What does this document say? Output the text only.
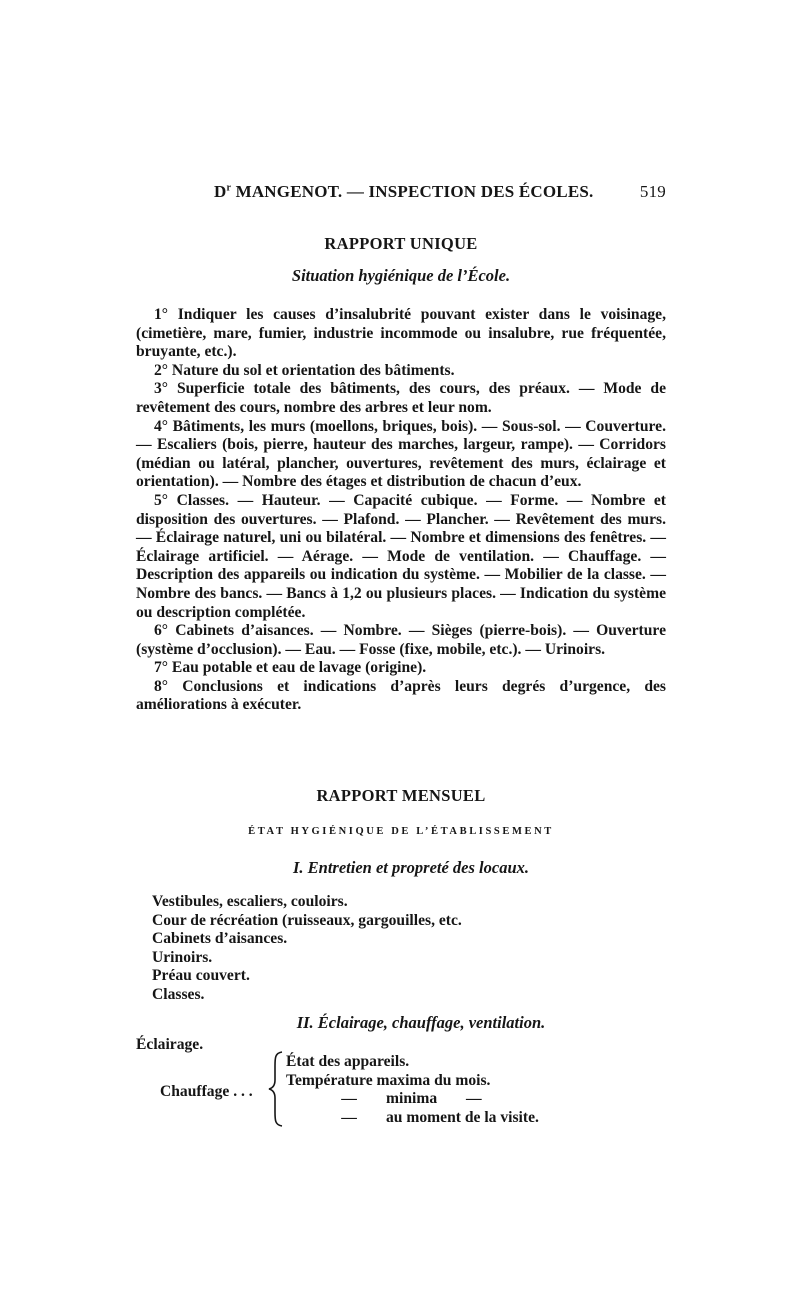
$D^r$ MANGENOT. — INSPECTION DES ÉCOLES.	519
RAPPORT UNIQUE
Situation hygiénique de l’École.

1° Indiquer les causes d’insalubrité pouvant exister dans le voisinage, (cimetière, mare, fumier, industrie incommode ou insalubre, rue fréquentée, bruyante, etc.).

2° Nature du sol et orientation des bâtiments.

3° Superficie totale des bâtiments, des cours, des préaux. — Mode de revêtement des cours, nombre des arbres et leur nom.

4° Bâtiments, les murs (moellons, briques, bois). — Sous-sol. — Couverture. — Escaliers (bois, pierre, hauteur des marches, largeur, rampe). — Corridors (médian ou latéral, plancher, ouvertures, revêtement des murs, éclairage et orientation). — Nombre des étages et distribution de chacun d’eux.

5° Classes. — Hauteur. — Capacité cubique. — Forme. — Nombre et disposition des ouvertures. — Plafond. — Plancher. — Revêtement des murs. — Éclairage naturel, uni ou bilatéral. — Nombre et dimensions des fenêtres. — Éclairage artificiel. — Aérage. — Mode de ventilation. — Chauffage. — Description des appareils ou indication du système. — Mobilier de la classe. — Nombre des bancs. — Bancs à 1,2 ou plusieurs places. — Indication du système ou description complétée.

6° Cabinets d’aisances. — Nombre. — Sièges (pierre-bois). — Ouverture (système d’occlusion). — Eau. — Fosse (fixe, mobile, etc.). — Urinoirs.

7° Eau potable et eau de lavage (origine).

8° Conclusions et indications d’après leurs degrés d’urgence, des améliorations à exécuter.

RAPPORT MENSUEL
ÉTAT HYGIÉNIQUE DE L’ÉTABLISSEMENT
I. Entretien et propreté des locaux.
Vestibules, escaliers, couloirs.
Cour de récréation (ruisseaux, gargouilles, etc.
Cabinets d’aisances.
Urinoirs.
Préau couvert.
Classes.
II. Éclairage, chauffage, ventilation.
Éclairage.
Chauffage . . .
État des appareils.
Température maxima du mois.
— minima —
— au moment de la visite.
